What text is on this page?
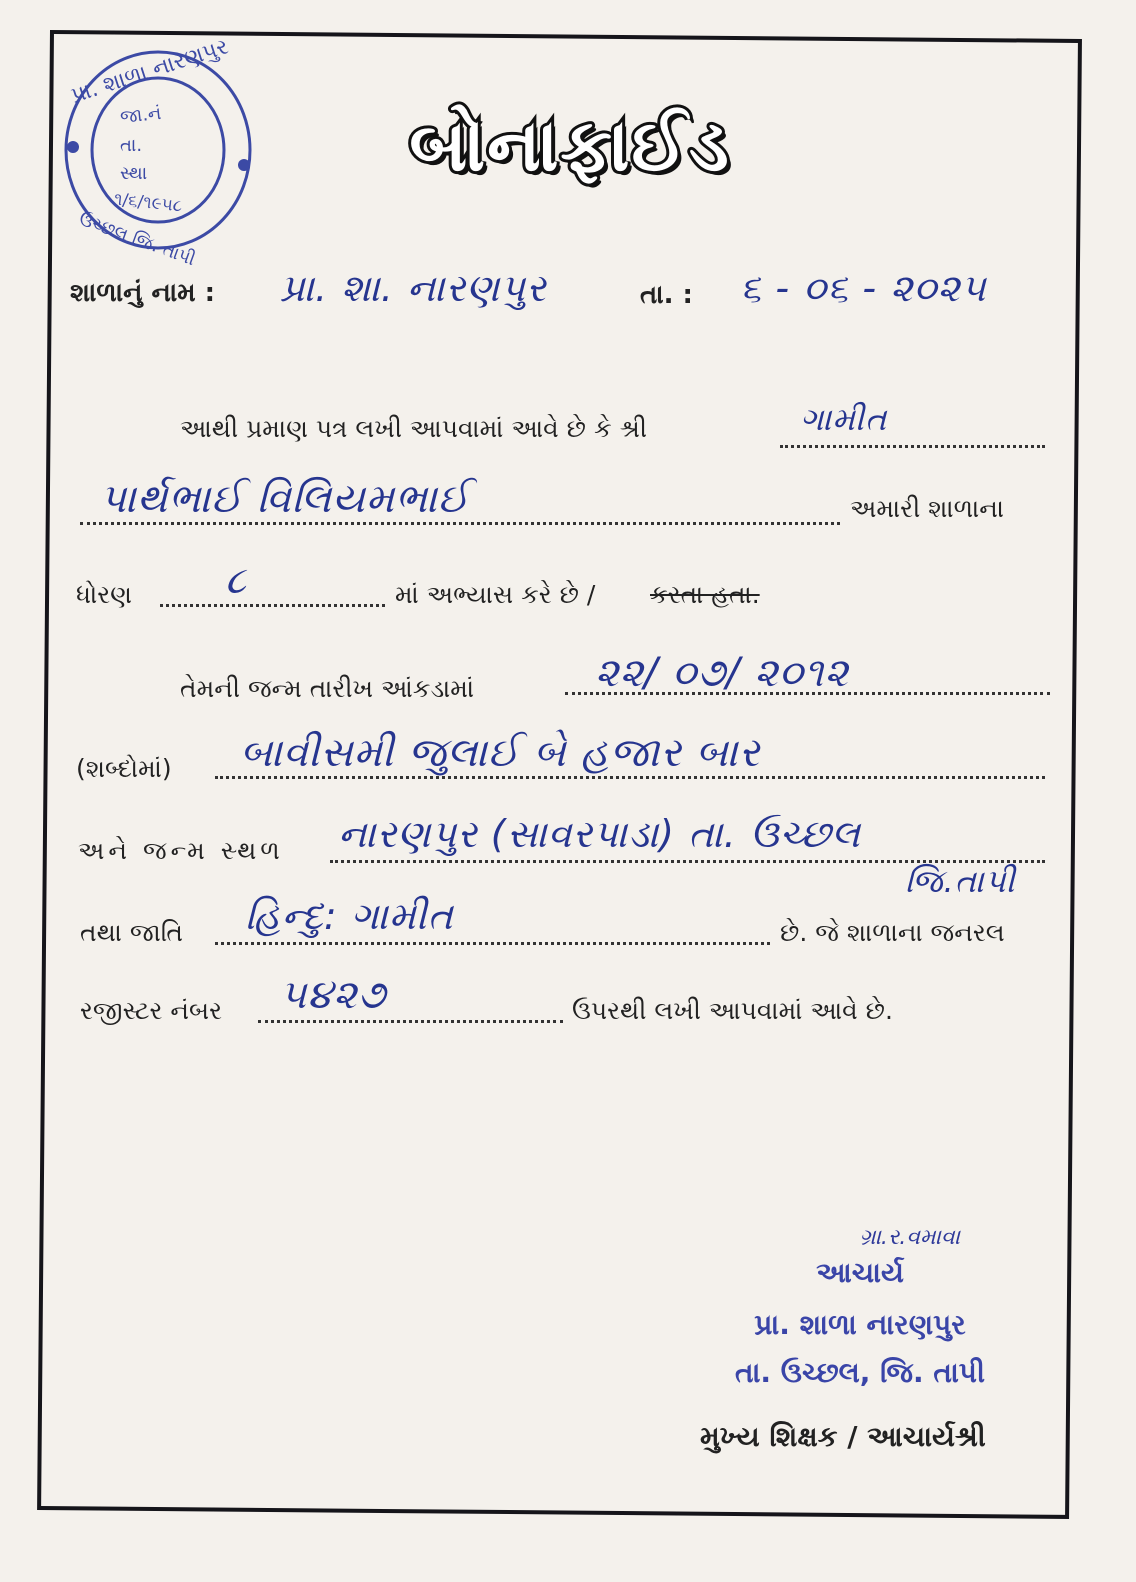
પ્રા. શાળા નારણપુર
ઉચ્છલ જિ. તાપી
જા.નં
તા.
સ્થા
૧/૬/૧૯૫૮
બોનાફાઈડ
શાળાનું નામ : પ્રા. શા. નારણપુર	તા. : ૬ - ૦૬ - ૨૦૨૫
આથી પ્રમાણ પત્ર લખી આપવામાં આવે છે કે શ્રી	ગામીત
પાર્થભાઈ વિલિયમભાઈ	અમારી શાળાના
ધોરણ ૮	માં અભ્યાસ કરે છે / કરતા હતા.
તેમની જન્મ તારીખ આંકડામાં	૨૨/ ૦૭/ ૨૦૧૨
(શબ્દોમાં) બાવીસમી જુલાઈ બે હજાર બાર
અને જન્મ સ્થળ નારણપુર (સાવરપાડા) તા. ઉચ્છલ
જિ.તાપી
તથા જાતિ હિન્દુ: ગામીત	છે. જે શાળાના જનરલ
રજીસ્ટર નંબર ૫૪૨૭	ઉપરથી લખી આપવામાં આવે છે.
ગ્રા.ર.વમાવા
આચાર્ય
પ્રા. શાળા નારણપુર
તા. ઉચ્છલ, જિ. તાપી
મુખ્ય શિક્ષક / આચાર્યશ્રી
